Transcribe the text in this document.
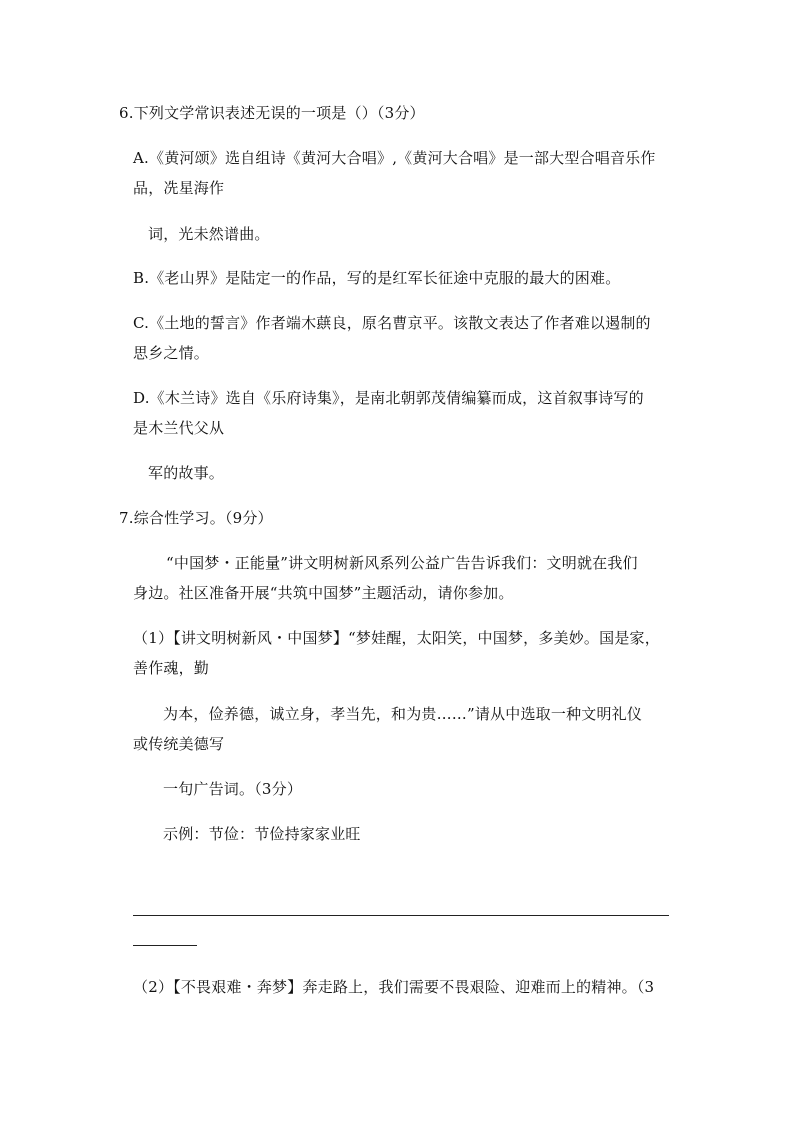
6.下列文学常识表述无误的一项是（）（3分）

A.《黄河颂》选自组诗《黄河大合唱》,《黄河大合唱》是一部大型合唱音乐作

品，冼星海作

词，光未然谱曲。

B.《老山界》是陆定一的作品，写的是红军长征途中克服的最大的困难。

C.《土地的誓言》作者端木蕻良，原名曹京平。该散文表达了作者难以遏制的

思乡之情。

D.《木兰诗》选自《乐府诗集》，是南北朝郭茂倩编纂而成，这首叙事诗写的

是木兰代父从

军的故事。

7.综合性学习。（9分）

“中国梦・正能量”讲文明树新风系列公益广告告诉我们：文明就在我们

身边。社区准备开展“共筑中国梦”主题活动，请你参加。

（1）【讲文明树新风・中国梦】“梦娃醒，太阳笑，中国梦，多美妙。国是家，

善作魂，勤

为本，俭养德，诚立身，孝当先，和为贵……”请从中选取一种文明礼仪

或传统美德写

一句广告词。（3分）

示例：节俭：节俭持家家业旺

（2）【不畏艰难・奔梦】奔走路上，我们需要不畏艰险、迎难而上的精神。（3
